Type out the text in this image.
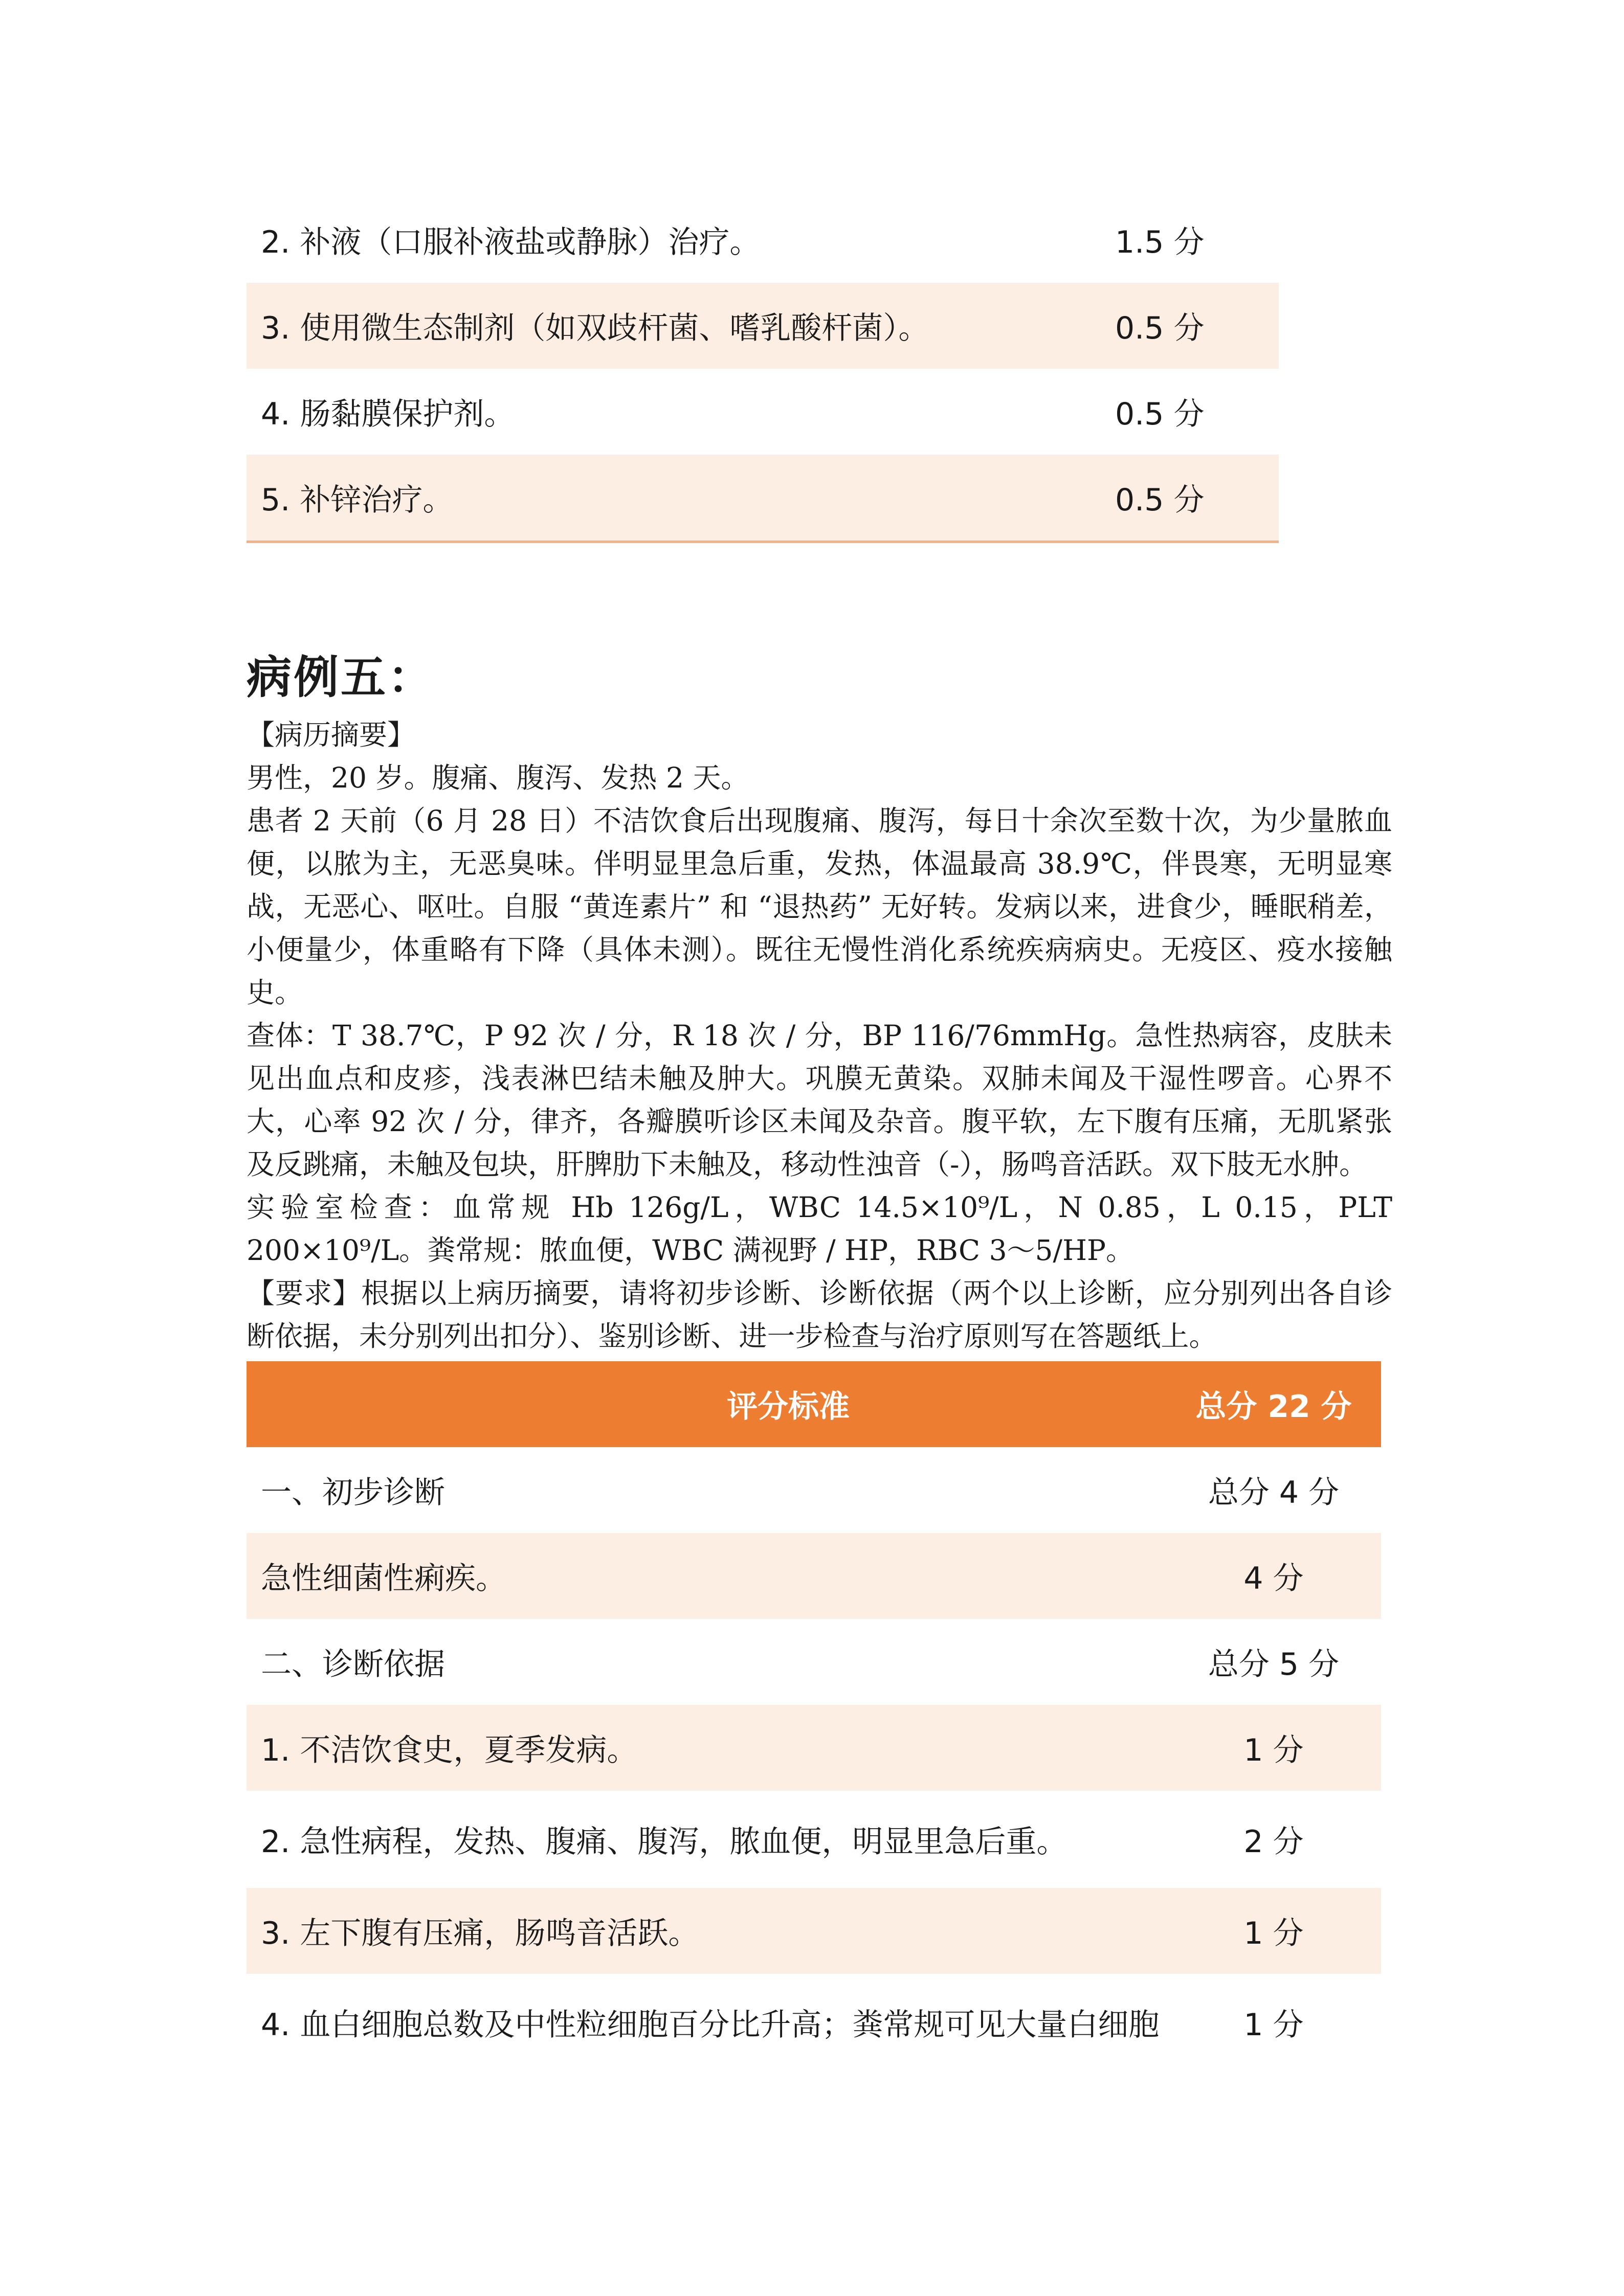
2. 补液（口服补液盐或静脉）治疗。	1.5 分
3. 使用微生态制剂（如双歧杆菌、嗜乳酸杆菌）。	0.5 分
4. 肠黏膜保护剂。	0.5 分
5. 补锌治疗。	0.5 分
病例五：

【病历摘要】

男性，20 岁。腹痛、腹泻、发热 2 天。

患者 2 天前（6 月 28 日）不洁饮食后出现腹痛、腹泻，每日十余次至数十次，为少量脓血便，以脓为主，无恶臭味。伴明显里急后重，发热，体温最高 38.9℃，伴畏寒，无明显寒战，无恶心、呕吐。自服 “黄连素片” 和 “退热药” 无好转。发病以来，进食少，睡眠稍差，小便量少，体重略有下降（具体未测）。既往无慢性消化系统疾病病史。无疫区、疫水接触史。

查体：T 38.7℃，P 92 次 / 分，R 18 次 / 分，BP 116/76mmHg。急性热病容，皮肤未见出血点和皮疹，浅表淋巴结未触及肿大。巩膜无黄染。双肺未闻及干湿性啰音。心界不大，心率 92 次 / 分，律齐，各瓣膜听诊区未闻及杂音。腹平软，左下腹有压痛，无肌紧张及反跳痛，未触及包块，肝脾肋下未触及，移动性浊音（-），肠鸣音活跃。双下肢无水肿。

实验室检查：血常规 Hb 126g/L，WBC 14.5×10⁹/L，N 0.85，L 0.15，PLT 200×10⁹/L。粪常规：脓血便，WBC 满视野 / HP，RBC 3～5/HP。

【要求】根据以上病历摘要，请将初步诊断、诊断依据（两个以上诊断，应分别列出各自诊断依据，未分别列出扣分）、鉴别诊断、进一步检查与治疗原则写在答题纸上。

评分标准	总分 22 分
一、初步诊断	总分 4 分
急性细菌性痢疾。	4 分
二、诊断依据	总分 5 分
1. 不洁饮食史，夏季发病。	1 分
2. 急性病程，发热、腹痛、腹泻，脓血便，明显里急后重。	2 分
3. 左下腹有压痛，肠鸣音活跃。	1 分
4. 血白细胞总数及中性粒细胞百分比升高；粪常规可见大量白细胞	1 分
